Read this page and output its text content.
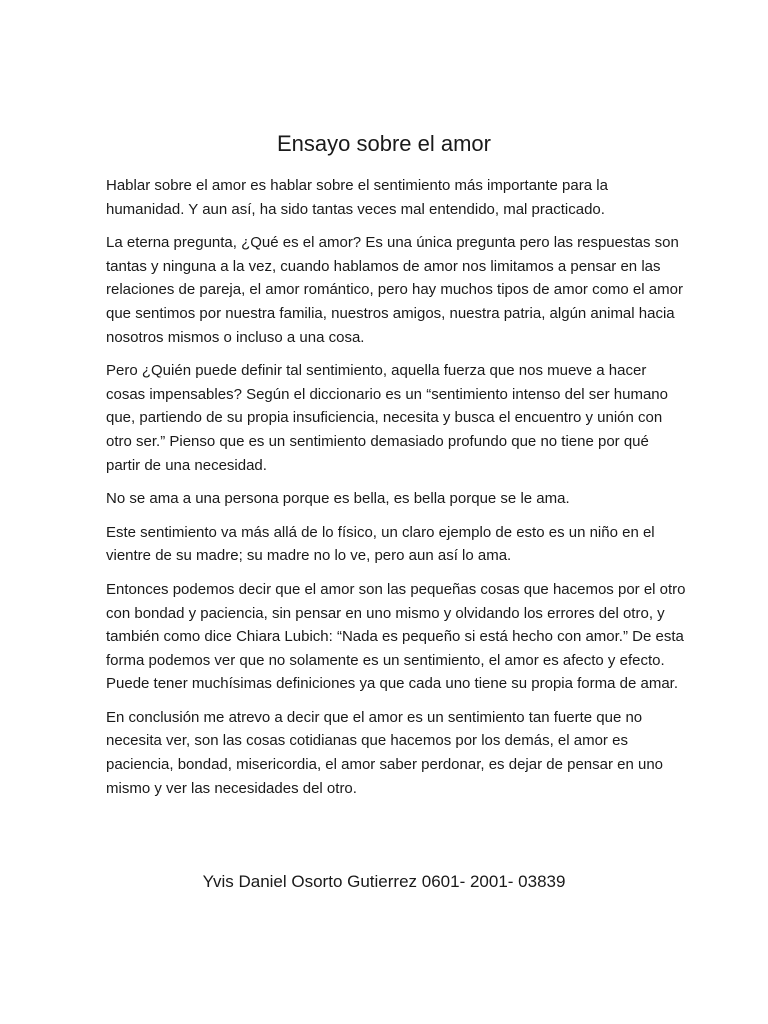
Ensayo sobre el amor

Hablar sobre el amor es hablar sobre el sentimiento más importante para la humanidad. Y aun así, ha sido tantas veces mal entendido, mal practicado.

La eterna pregunta, ¿Qué es el amor? Es una única pregunta pero las respuestas son tantas y ninguna a la vez, cuando hablamos de amor nos limitamos a pensar en las relaciones de pareja, el amor romántico, pero hay muchos tipos de amor como el amor que sentimos por nuestra familia, nuestros amigos, nuestra patria, algún animal hacia nosotros mismos o incluso a una cosa.

Pero ¿Quién puede definir tal sentimiento, aquella fuerza que nos mueve a hacer cosas impensables? Según el diccionario es un “sentimiento intenso del ser humano que, partiendo de su propia insuficiencia, necesita y busca el encuentro y unión con otro ser.” Pienso que es un sentimiento demasiado profundo que no tiene por qué partir de una necesidad.

No se ama a una persona porque es bella, es bella porque se le ama.

Este sentimiento va más allá de lo físico, un claro ejemplo de esto es un niño en el vientre de su madre; su madre no lo ve, pero aun así lo ama.

Entonces podemos decir que el amor son las pequeñas cosas que hacemos por el otro con bondad y paciencia, sin pensar en uno mismo y olvidando los errores del otro, y también como dice Chiara Lubich: “Nada es pequeño si está hecho con amor.” De esta forma podemos ver que no solamente es un sentimiento, el amor es afecto y efecto. Puede tener muchísimas definiciones ya que cada uno tiene su propia forma de amar.

En conclusión me atrevo a decir que el amor es un sentimiento tan fuerte que no necesita ver, son las cosas cotidianas que hacemos por los demás, el amor es paciencia, bondad, misericordia, el amor saber perdonar, es dejar de pensar en uno mismo y ver las necesidades del otro.

Yvis Daniel Osorto Gutierrez 0601- 2001- 03839
